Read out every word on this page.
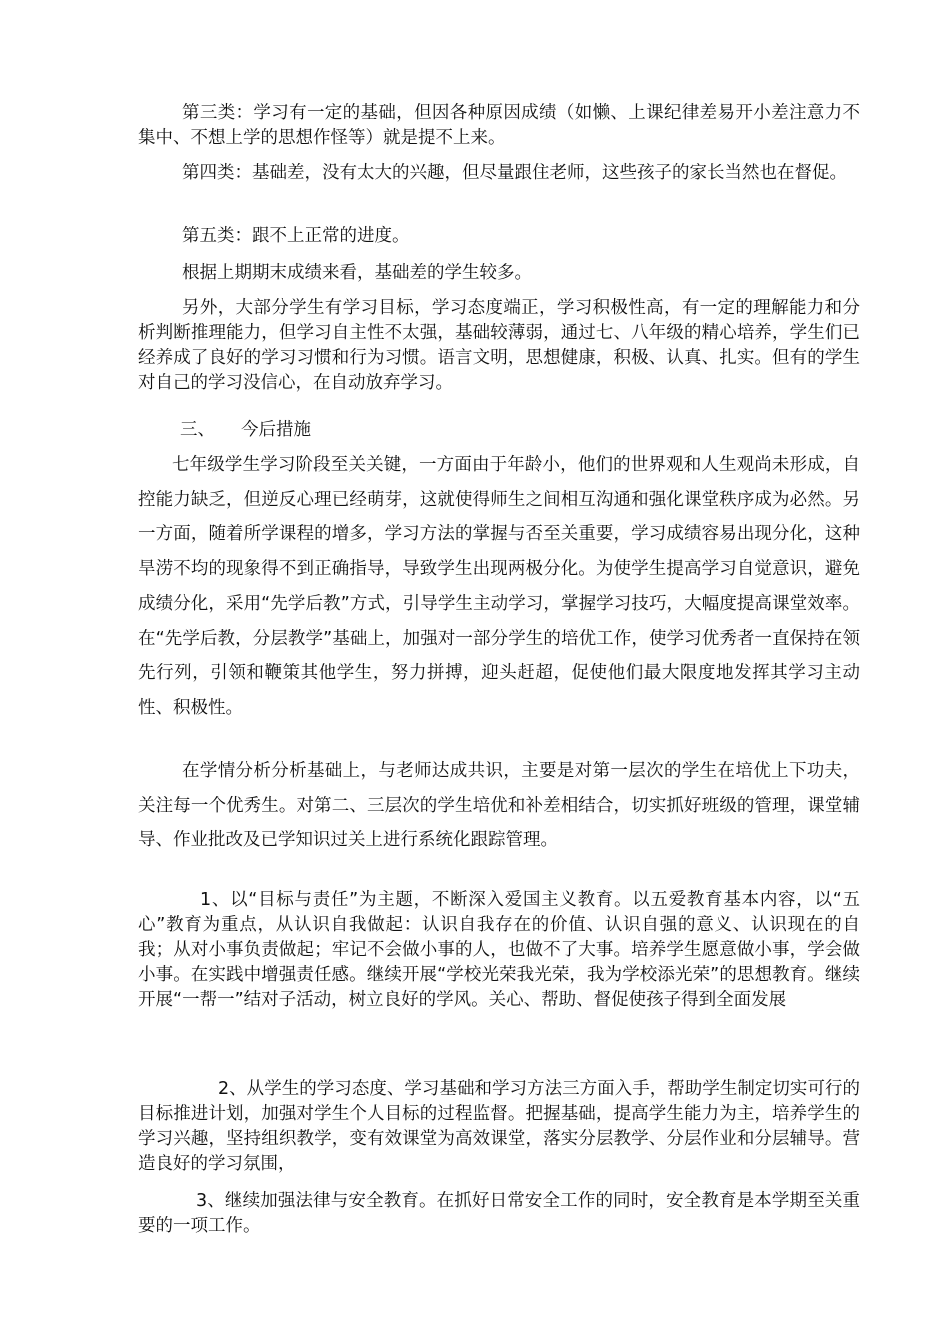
第三类：学习有一定的基础，但因各种原因成绩（如懒、上课纪律差易开小差注意力不集中、不想上学的思想作怪等）就是提不上来。

第四类：基础差，没有太大的兴趣，但尽量跟住老师，这些孩子的家长当然也在督促。

第五类：跟不上正常的进度。

根据上期期末成绩来看，基础差的学生较多。

另外，大部分学生有学习目标，学习态度端正，学习积极性高，有一定的理解能力和分析判断推理能力，但学习自主性不太强，基础较薄弱，通过七、八年级的精心培养，学生们已经养成了良好的学习习惯和行为习惯。语言文明，思想健康，积极、认真、扎实。但有的学生对自己的学习没信心，在自动放弃学习。

三、 今后措施

七年级学生学习阶段至关关键，一方面由于年龄小，他们的世界观和人生观尚未形成，自控能力缺乏，但逆反心理已经萌芽，这就使得师生之间相互沟通和强化课堂秩序成为必然。另一方面，随着所学课程的增多，学习方法的掌握与否至关重要，学习成绩容易出现分化，这种旱涝不均的现象得不到正确指导，导致学生出现两极分化。为使学生提高学习自觉意识，避免成绩分化，采用“先学后教”方式，引导学生主动学习，掌握学习技巧，大幅度提高课堂效率。在“先学后教，分层教学”基础上，加强对一部分学生的培优工作，使学习优秀者一直保持在领先行列，引领和鞭策其他学生，努力拼搏，迎头赶超，促使他们最大限度地发挥其学习主动性、积极性。

在学情分析分析基础上，与老师达成共识，主要是对第一层次的学生在培优上下功夫，关注每一个优秀生。对第二、三层次的学生培优和补差相结合，切实抓好班级的管理，课堂辅导、作业批改及已学知识过关上进行系统化跟踪管理。

1、以“目标与责任”为主题，不断深入爱国主义教育。以五爱教育基本内容，以“五心”教育为重点，从认识自我做起：认识自我存在的价值、认识自强的意义、认识现在的自我；从对小事负责做起；牢记不会做小事的人，也做不了大事。培养学生愿意做小事，学会做小事。在实践中增强责任感。继续开展“学校光荣我光荣，我为学校添光荣”的思想教育。继续开展“一帮一”结对子活动，树立良好的学风。关心、帮助、督促使孩子得到全面发展

2、从学生的学习态度、学习基础和学习方法三方面入手，帮助学生制定切实可行的目标推进计划，加强对学生个人目标的过程监督。把握基础，提高学生能力为主，培养学生的学习兴趣，坚持组织教学，变有效课堂为高效课堂，落实分层教学、分层作业和分层辅导。营造良好的学习氛围，

3、继续加强法律与安全教育。在抓好日常安全工作的同时，安全教育是本学期至关重要的一项工作。
